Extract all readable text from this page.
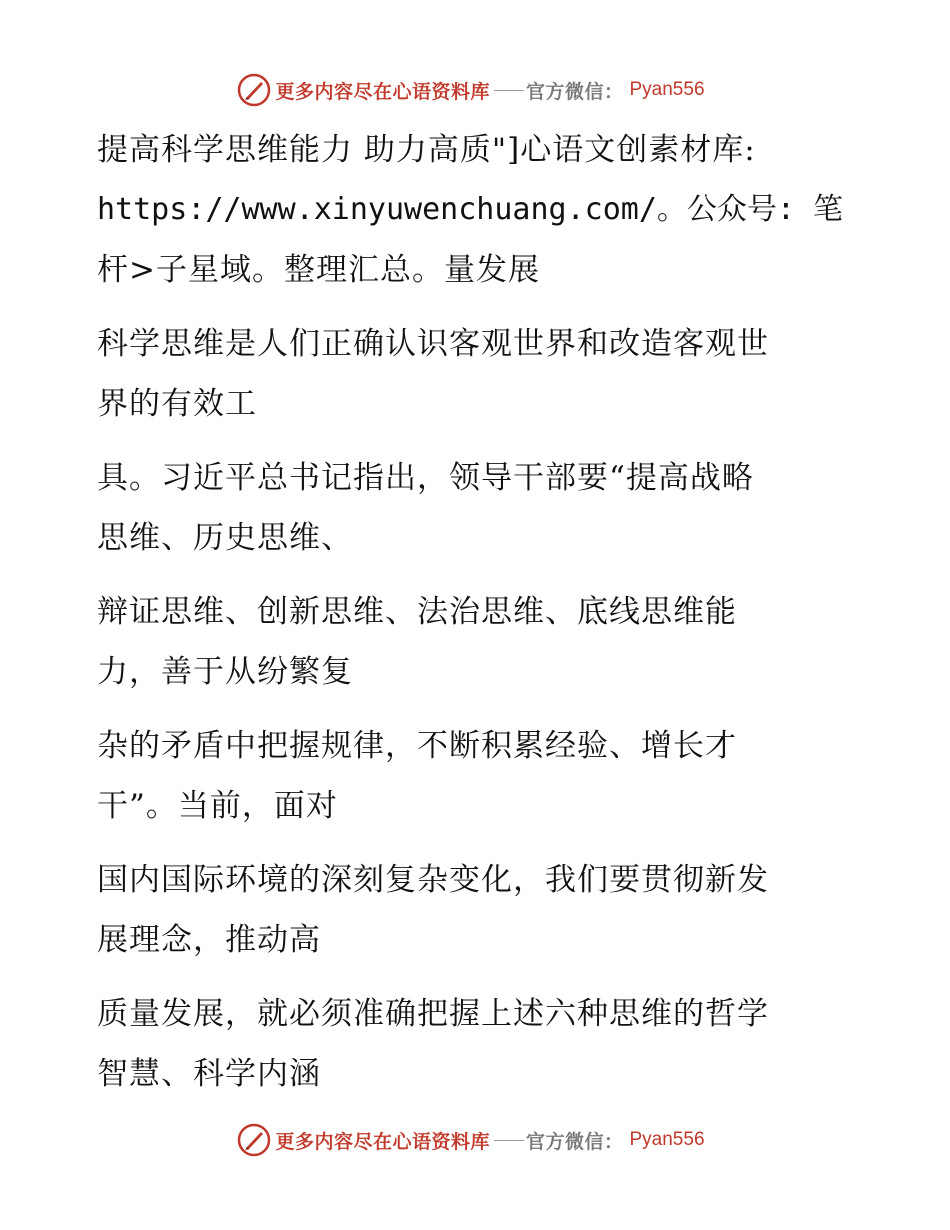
更多内容尽在心语资料库 官方微信： Pyan556
提高科学思维能力 助力高质"]心语文创素材库:
https://www.xinyuwenchuang.com/。公众号: 笔
杆>子星域。整理汇总。量发展
科学思维是人们正确认识客观世界和改造客观世
界的有效工
具。习近平总书记指出，领导干部要“提高战略
思维、历史思维、
辩证思维、创新思维、法治思维、底线思维能
力，善于从纷繁复
杂的矛盾中把握规律，不断积累经验、增长才
干”。当前，面对
国内国际环境的深刻复杂变化，我们要贯彻新发
展理念，推动高
质量发展，就必须准确把握上述六种思维的哲学
智慧、科学内涵
更多内容尽在心语资料库 官方微信： Pyan556
